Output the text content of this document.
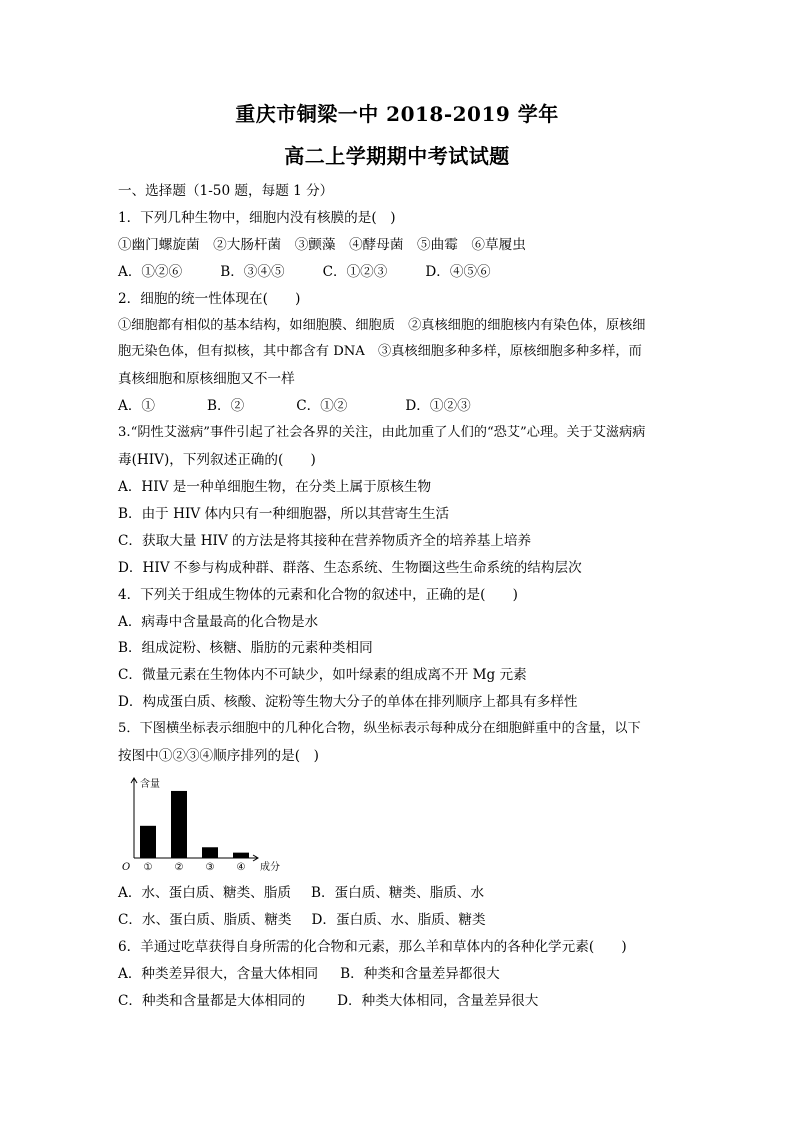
重庆市铜梁一中 2018-2019 学年
高二上学期期中考试试题

一、选择题（1-50 题，每题 1 分）

1．下列几种生物中，细胞内没有核膜的是(　)

①幽门螺旋菌　②大肠杆菌　③颤藻　④酵母菌　⑤曲霉　⑥草履虫

A．①②⑥	B．③④⑤	C．①②③	D．④⑤⑥

2．细胞的统一性体现在(　　)

①细胞都有相似的基本结构，如细胞膜、细胞质　②真核细胞的细胞核内有染色体，原核细

胞无染色体，但有拟核，其中都含有 DNA　③真核细胞多种多样，原核细胞多种多样，而

真核细胞和原核细胞又不一样

A．①	B．②	C．①②	D．①②③

3.“阴性艾滋病”事件引起了社会各界的关注，由此加重了人们的“恐艾”心理。关于艾滋病病

毒(HIV)，下列叙述正确的(　　)

A．HIV 是一种单细胞生物，在分类上属于原核生物

B．由于 HIV 体内只有一种细胞器，所以其营寄生生活

C．获取大量 HIV 的方法是将其接种在营养物质齐全的培养基上培养

D．HIV 不参与构成种群、群落、生态系统、生物圈这些生命系统的结构层次

4．下列关于组成生物体的元素和化合物的叙述中，正确的是(　　)

A．病毒中含量最高的化合物是水

B．组成淀粉、核糖、脂肪的元素种类相同

C．微量元素在生物体内不可缺少，如叶绿素的组成离不开 Mg 元素

D．构成蛋白质、核酸、淀粉等生物大分子的单体在排列顺序上都具有多样性

5．下图横坐标表示细胞中的几种化合物，纵坐标表示每种成分在细胞鲜重中的含量，以下

按图中①②③④顺序排列的是(　)

含量
成分
O ① ② ③ ④

A．水、蛋白质、糖类、脂质 B．蛋白质、糖类、脂质、水

C．水、蛋白质、脂质、糖类 D．蛋白质、水、脂质、糖类

6．羊通过吃草获得自身所需的化合物和元素，那么羊和草体内的各种化学元素(　　)

A．种类差异很大，含量大体相同 B．种类和含量差异都很大

C．种类和含量都是大体相同的 D．种类大体相同，含量差异很大
